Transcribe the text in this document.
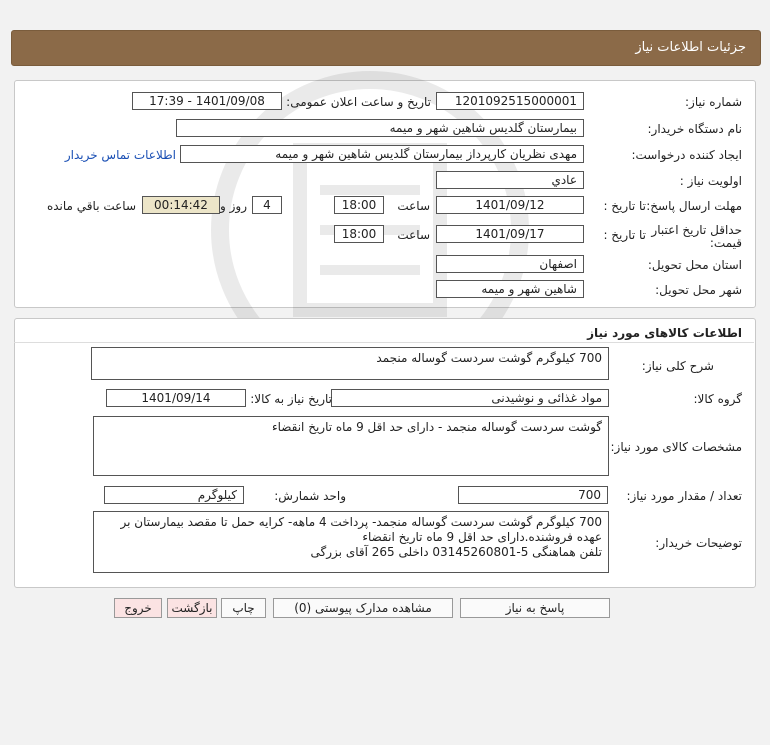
جزئیات اطلاعات نیاز
شماره نیاز:
1201092515000001
تاریخ و ساعت اعلان عمومی:
1401/09/08 - 17:39
نام دستگاه خریدار:
بیمارستان گلدیس شاهین شهر و میمه
ایجاد کننده درخواست:
مهدی نظریان کارپرداز بیمارستان گلدیس شاهین شهر و میمه
اطلاعات تماس خریدار
اولویت نیاز :
عادي
مهلت ارسال پاسخ:
تا تاریخ :
1401/09/12
ساعت
18:00
4
روز و
00:14:42
ساعت باقي مانده
حداقل تاریخ اعتبار قیمت:
تا تاریخ :
1401/09/17
ساعت
18:00
استان محل تحویل:
اصفهان
شهر محل تحویل:
شاهین شهر و میمه
اطلاعات کالاهای مورد نیاز
شرح کلی نیاز:
700 کیلوگرم گوشت سردست گوساله منجمد
گروه کالا:
مواد غذائی و نوشیدنی
تاریخ نیاز به کالا:
1401/09/14
مشخصات کالای مورد نیاز:
گوشت سردست گوساله منجمد - دارای حد اقل 9 ماه تاریخ انقضاء
تعداد / مقدار مورد نیاز:
700
واحد شمارش:
کیلوگرم
توضیحات خریدار:
700 کیلوگرم گوشت سردست گوساله منجمد- پرداخت 4 ماهه- کرایه حمل تا مقصد بیمارستان بر عهده فروشنده.دارای حد اقل 9 ماه تاریخ انقضاء
تلفن هماهنگی 5-03145260801 داخلی 265 آقای بزرگی
پاسخ به نیاز
مشاهده مدارک پیوستی (0)
چاپ
بازگشت
خروج
